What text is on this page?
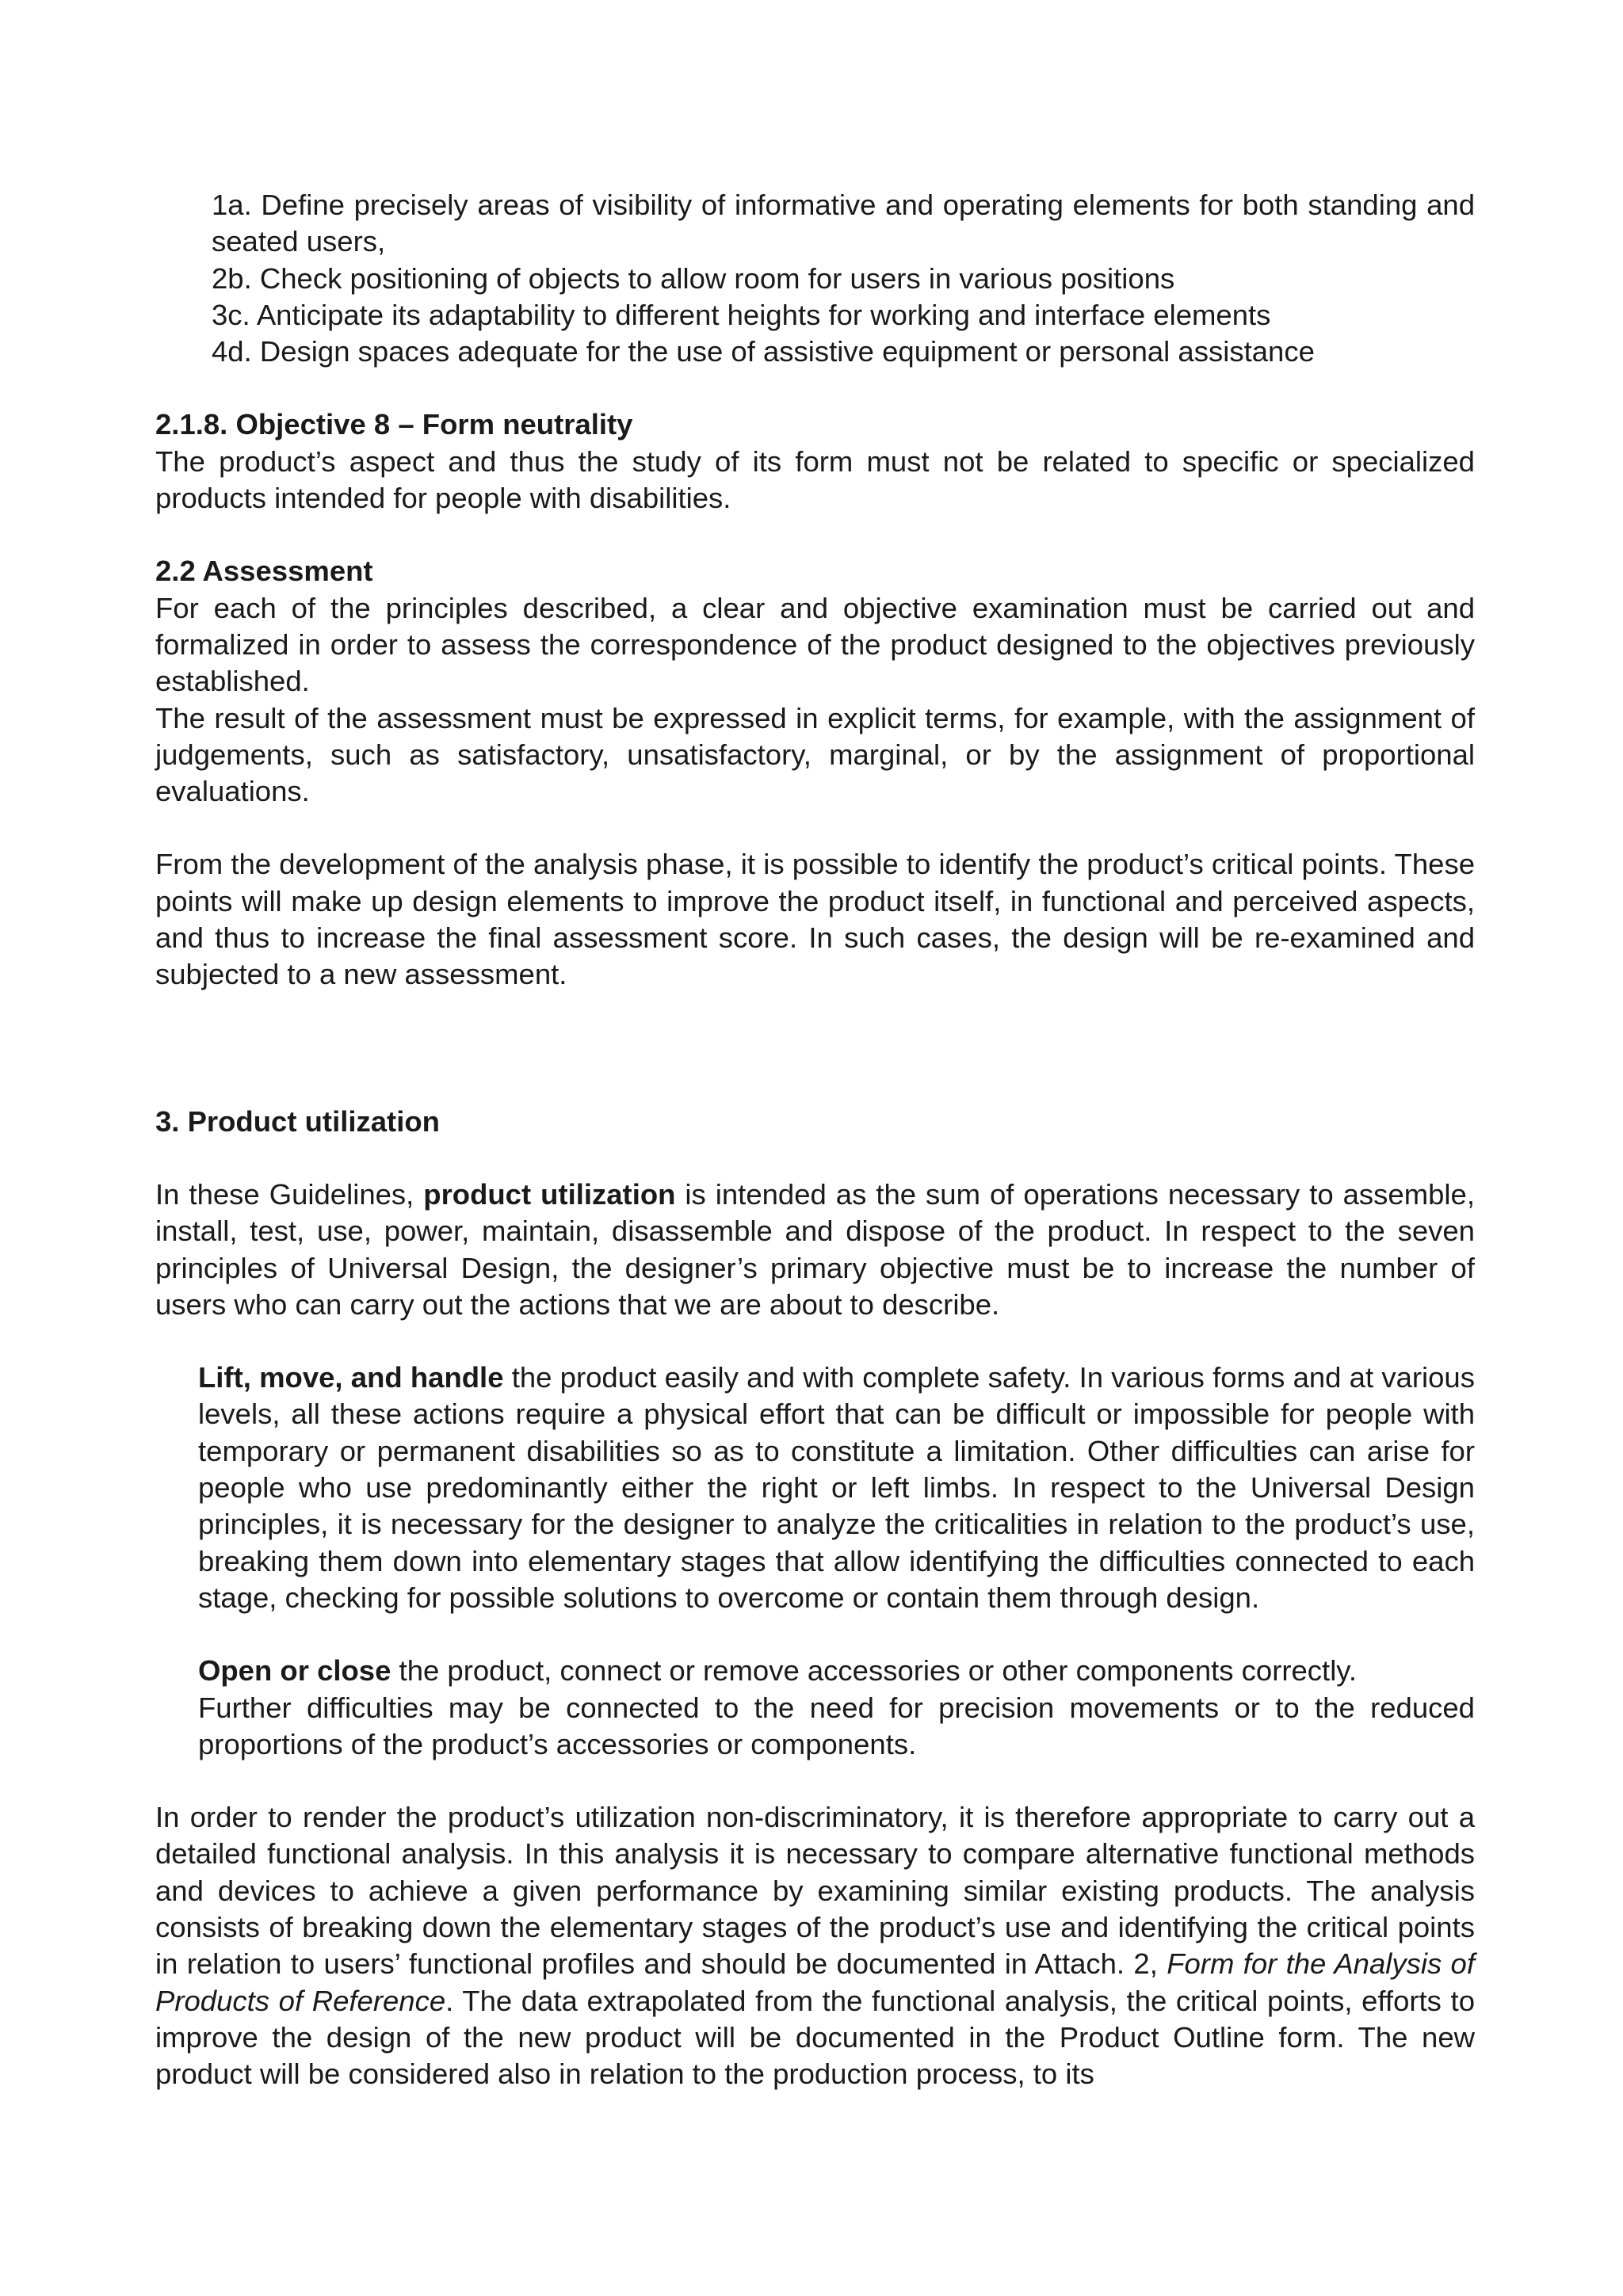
1a. Define precisely areas of visibility of informative and operating elements for both standing and seated users,

2b. Check positioning of objects to allow room for users in various positions

3c. Anticipate its adaptability to different heights for working and interface elements

4d. Design spaces adequate for the use of assistive equipment or personal assistance

2.1.8. Objective 8 – Form neutrality

The product’s aspect and thus the study of its form must not be related to specific or specialized products intended for people with disabilities.

2.2 Assessment

For each of the principles described, a clear and objective examination must be carried out and formalized in order to assess the correspondence of the product designed to the objectives previously established.

The result of the assessment must be expressed in explicit terms, for example, with the assignment of judgements, such as satisfactory, unsatisfactory, marginal, or by the assignment of proportional evaluations.

From the development of the analysis phase, it is possible to identify the product’s critical points. These points will make up design elements to improve the product itself, in functional and perceived aspects, and thus to increase the final assessment score. In such cases, the design will be re-examined and subjected to a new assessment.

3. Product utilization

In these Guidelines, product utilization is intended as the sum of operations necessary to assemble, install, test, use, power, maintain, disassemble and dispose of the product. In respect to the seven principles of Universal Design, the designer’s primary objective must be to increase the number of users who can carry out the actions that we are about to describe.

Lift, move, and handle the product easily and with complete safety. In various forms and at various levels, all these actions require a physical effort that can be difficult or impossible for people with temporary or permanent disabilities so as to constitute a limitation. Other difficulties can arise for people who use predominantly either the right or left limbs. In respect to the Universal Design principles, it is necessary for the designer to analyze the criticalities in relation to the product’s use, breaking them down into elementary stages that allow identifying the difficulties connected to each stage, checking for possible solutions to overcome or contain them through design.

Open or close the product, connect or remove accessories or other components correctly.

Further difficulties may be connected to the need for precision movements or to the reduced proportions of the product’s accessories or components.

In order to render the product’s utilization non-discriminatory, it is therefore appropriate to carry out a detailed functional analysis. In this analysis it is necessary to compare alternative functional methods and devices to achieve a given performance by examining similar existing products. The analysis consists of breaking down the elementary stages of the product’s use and identifying the critical points in relation to users’ functional profiles and should be documented in Attach. 2, Form for the Analysis of Products of Reference. The data extrapolated from the functional analysis, the critical points, efforts to improve the design of the new product will be documented in the Product Outline form. The new product will be considered also in relation to the production process, to its
